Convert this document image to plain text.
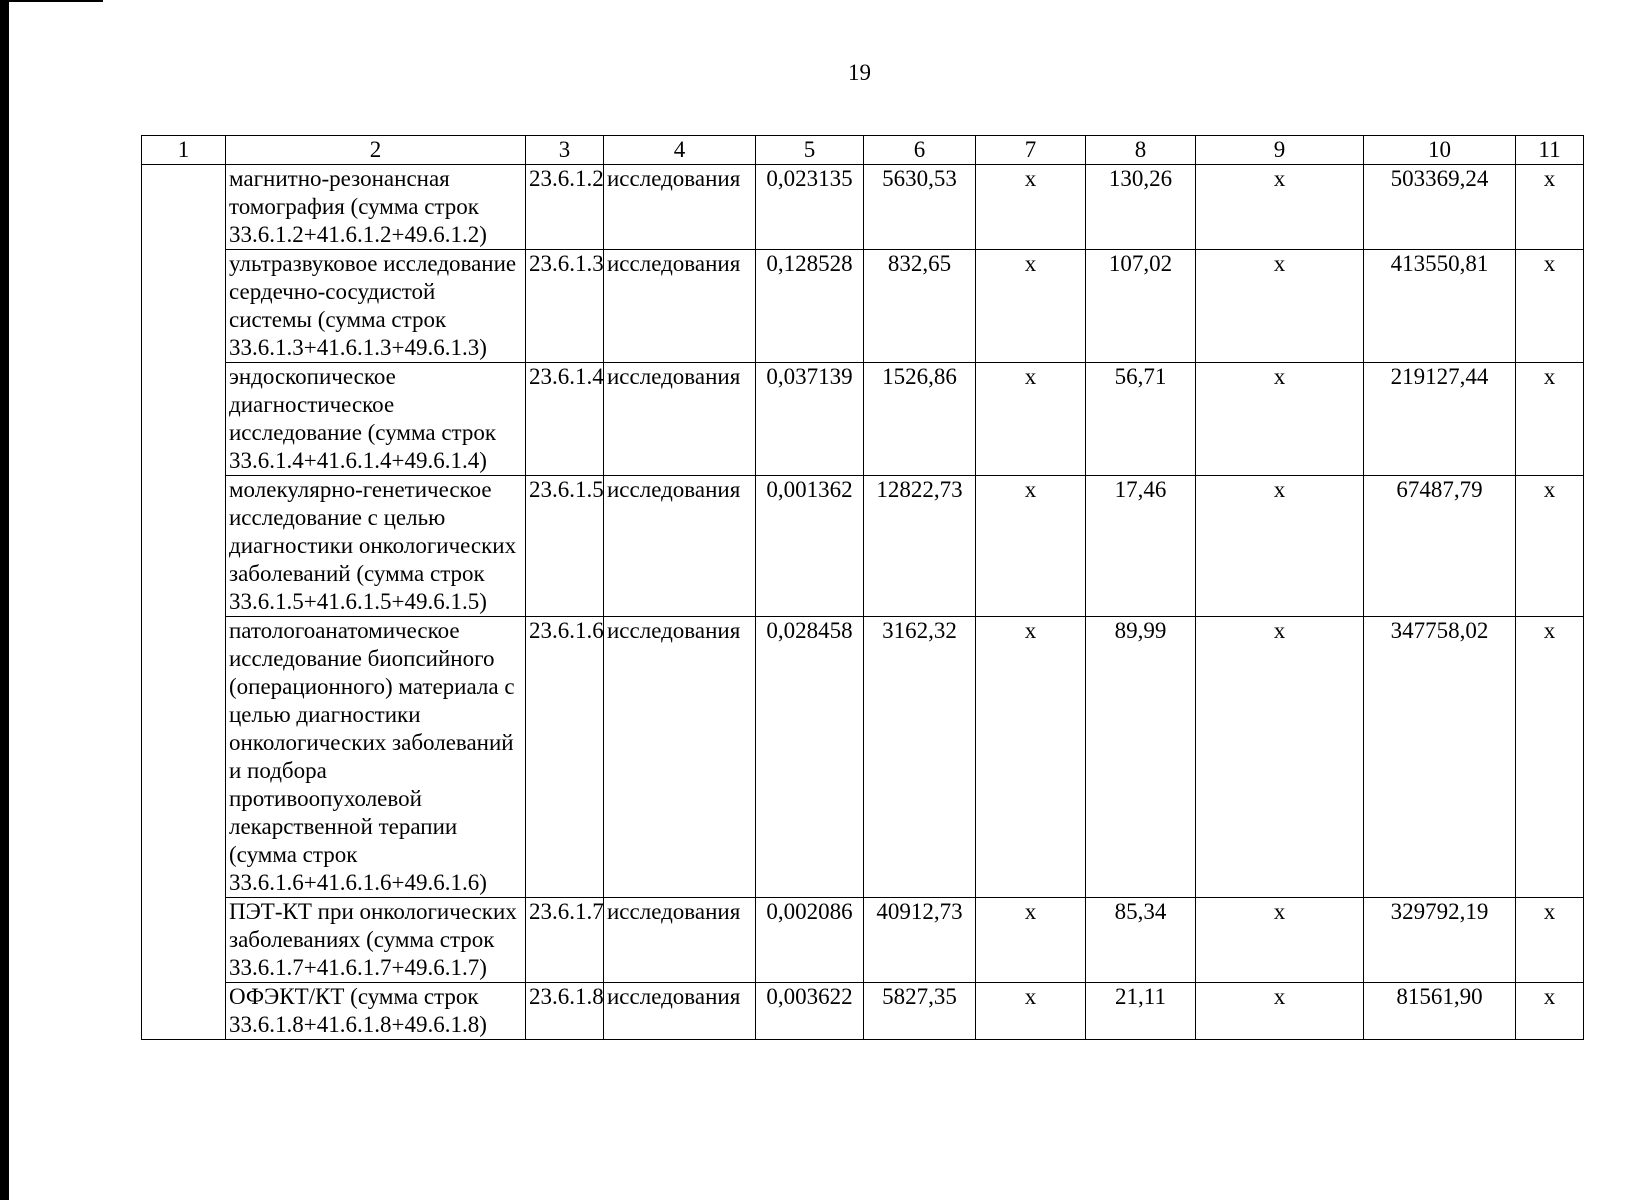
19
1	2	3	4	5	6	7	8	9	10	11
	магнитно-резонансная томография (сумма строк 33.6.1.2+41.6.1.2+49.6.1.2)	23.6.1.2	исследования	0,023135	5630,53	х	130,26	х	503369,24	х
	ультразвуковое исследование сердечно-сосудистой системы (сумма строк 33.6.1.3+41.6.1.3+49.6.1.3)	23.6.1.3	исследования	0,128528	832,65	х	107,02	х	413550,81	х
	эндоскопическое диагностическое исследование (сумма строк 33.6.1.4+41.6.1.4+49.6.1.4)	23.6.1.4	исследования	0,037139	1526,86	х	56,71	х	219127,44	х
	молекулярно-генетическое исследование с целью диагностики онкологических заболеваний (сумма строк 33.6.1.5+41.6.1.5+49.6.1.5)	23.6.1.5	исследования	0,001362	12822,73	х	17,46	х	67487,79	х
	патологоанатомическое исследование биопсийного (операционного) материала с целью диагностики онкологических заболеваний и подбора противоопухолевой лекарственной терапии (сумма строк 33.6.1.6+41.6.1.6+49.6.1.6)	23.6.1.6	исследования	0,028458	3162,32	х	89,99	х	347758,02	х
	ПЭТ-КТ при онкологических заболеваниях (сумма строк 33.6.1.7+41.6.1.7+49.6.1.7)	23.6.1.7	исследования	0,002086	40912,73	х	85,34	х	329792,19	х
	ОФЭКТ/КТ (сумма строк 33.6.1.8+41.6.1.8+49.6.1.8)	23.6.1.8	исследования	0,003622	5827,35	х	21,11	х	81561,90	х
